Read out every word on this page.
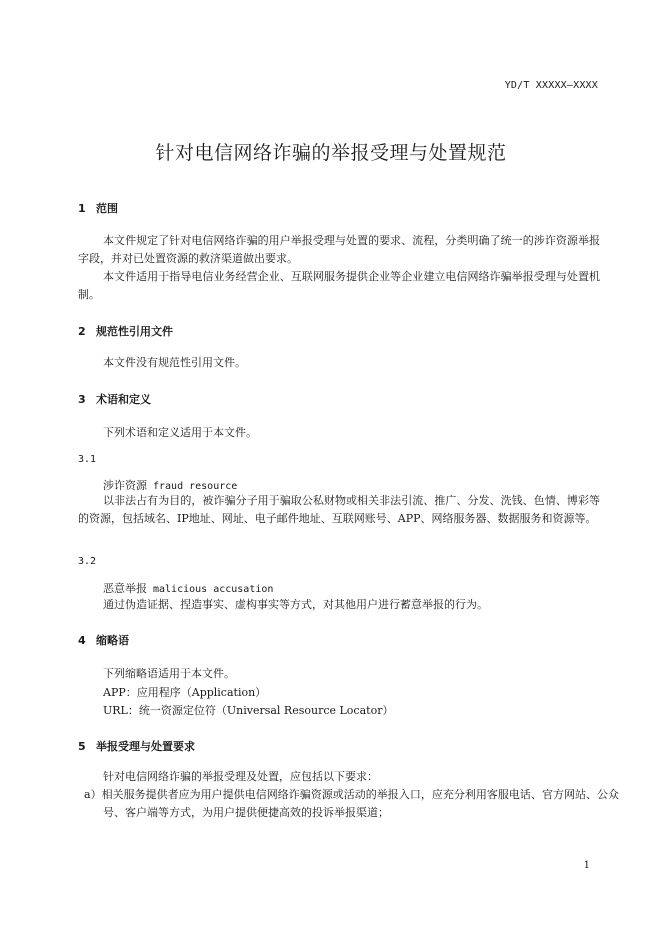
YD/T XXXXX—XXXX
针对电信网络诈骗的举报受理与处置规范
1 范围
本文件规定了针对电信网络诈骗的用户举报受理与处置的要求、流程，分类明确了统一的涉诈资源举报字段，并对已处置资源的救济渠道做出要求。
本文件适用于指导电信业务经营企业、互联网服务提供企业等企业建立电信网络诈骗举报受理与处置机制。
2 规范性引用文件
本文件没有规范性引用文件。
3 术语和定义
下列术语和定义适用于本文件。
3.1
涉诈资源 fraud resource
以非法占有为目的，被诈骗分子用于骗取公私财物或相关非法引流、推广、分发、洗钱、色情、博彩等的资源，包括域名、IP地址、网址、电子邮件地址、互联网账号、APP、网络服务器、数据服务和资源等。
3.2
恶意举报 malicious accusation
通过伪造证据、捏造事实、虚构事实等方式，对其他用户进行蓄意举报的行为。
4 缩略语
下列缩略语适用于本文件。
APP：应用程序（Application）
URL：统一资源定位符（Universal Resource Locator）
5 举报受理与处置要求
针对电信网络诈骗的举报受理及处置，应包括以下要求：
a）相关服务提供者应为用户提供电信网络诈骗资源或活动的举报入口，应充分利用客服电话、官方网站、公众号、客户端等方式，为用户提供便捷高效的投诉举报渠道；
1
